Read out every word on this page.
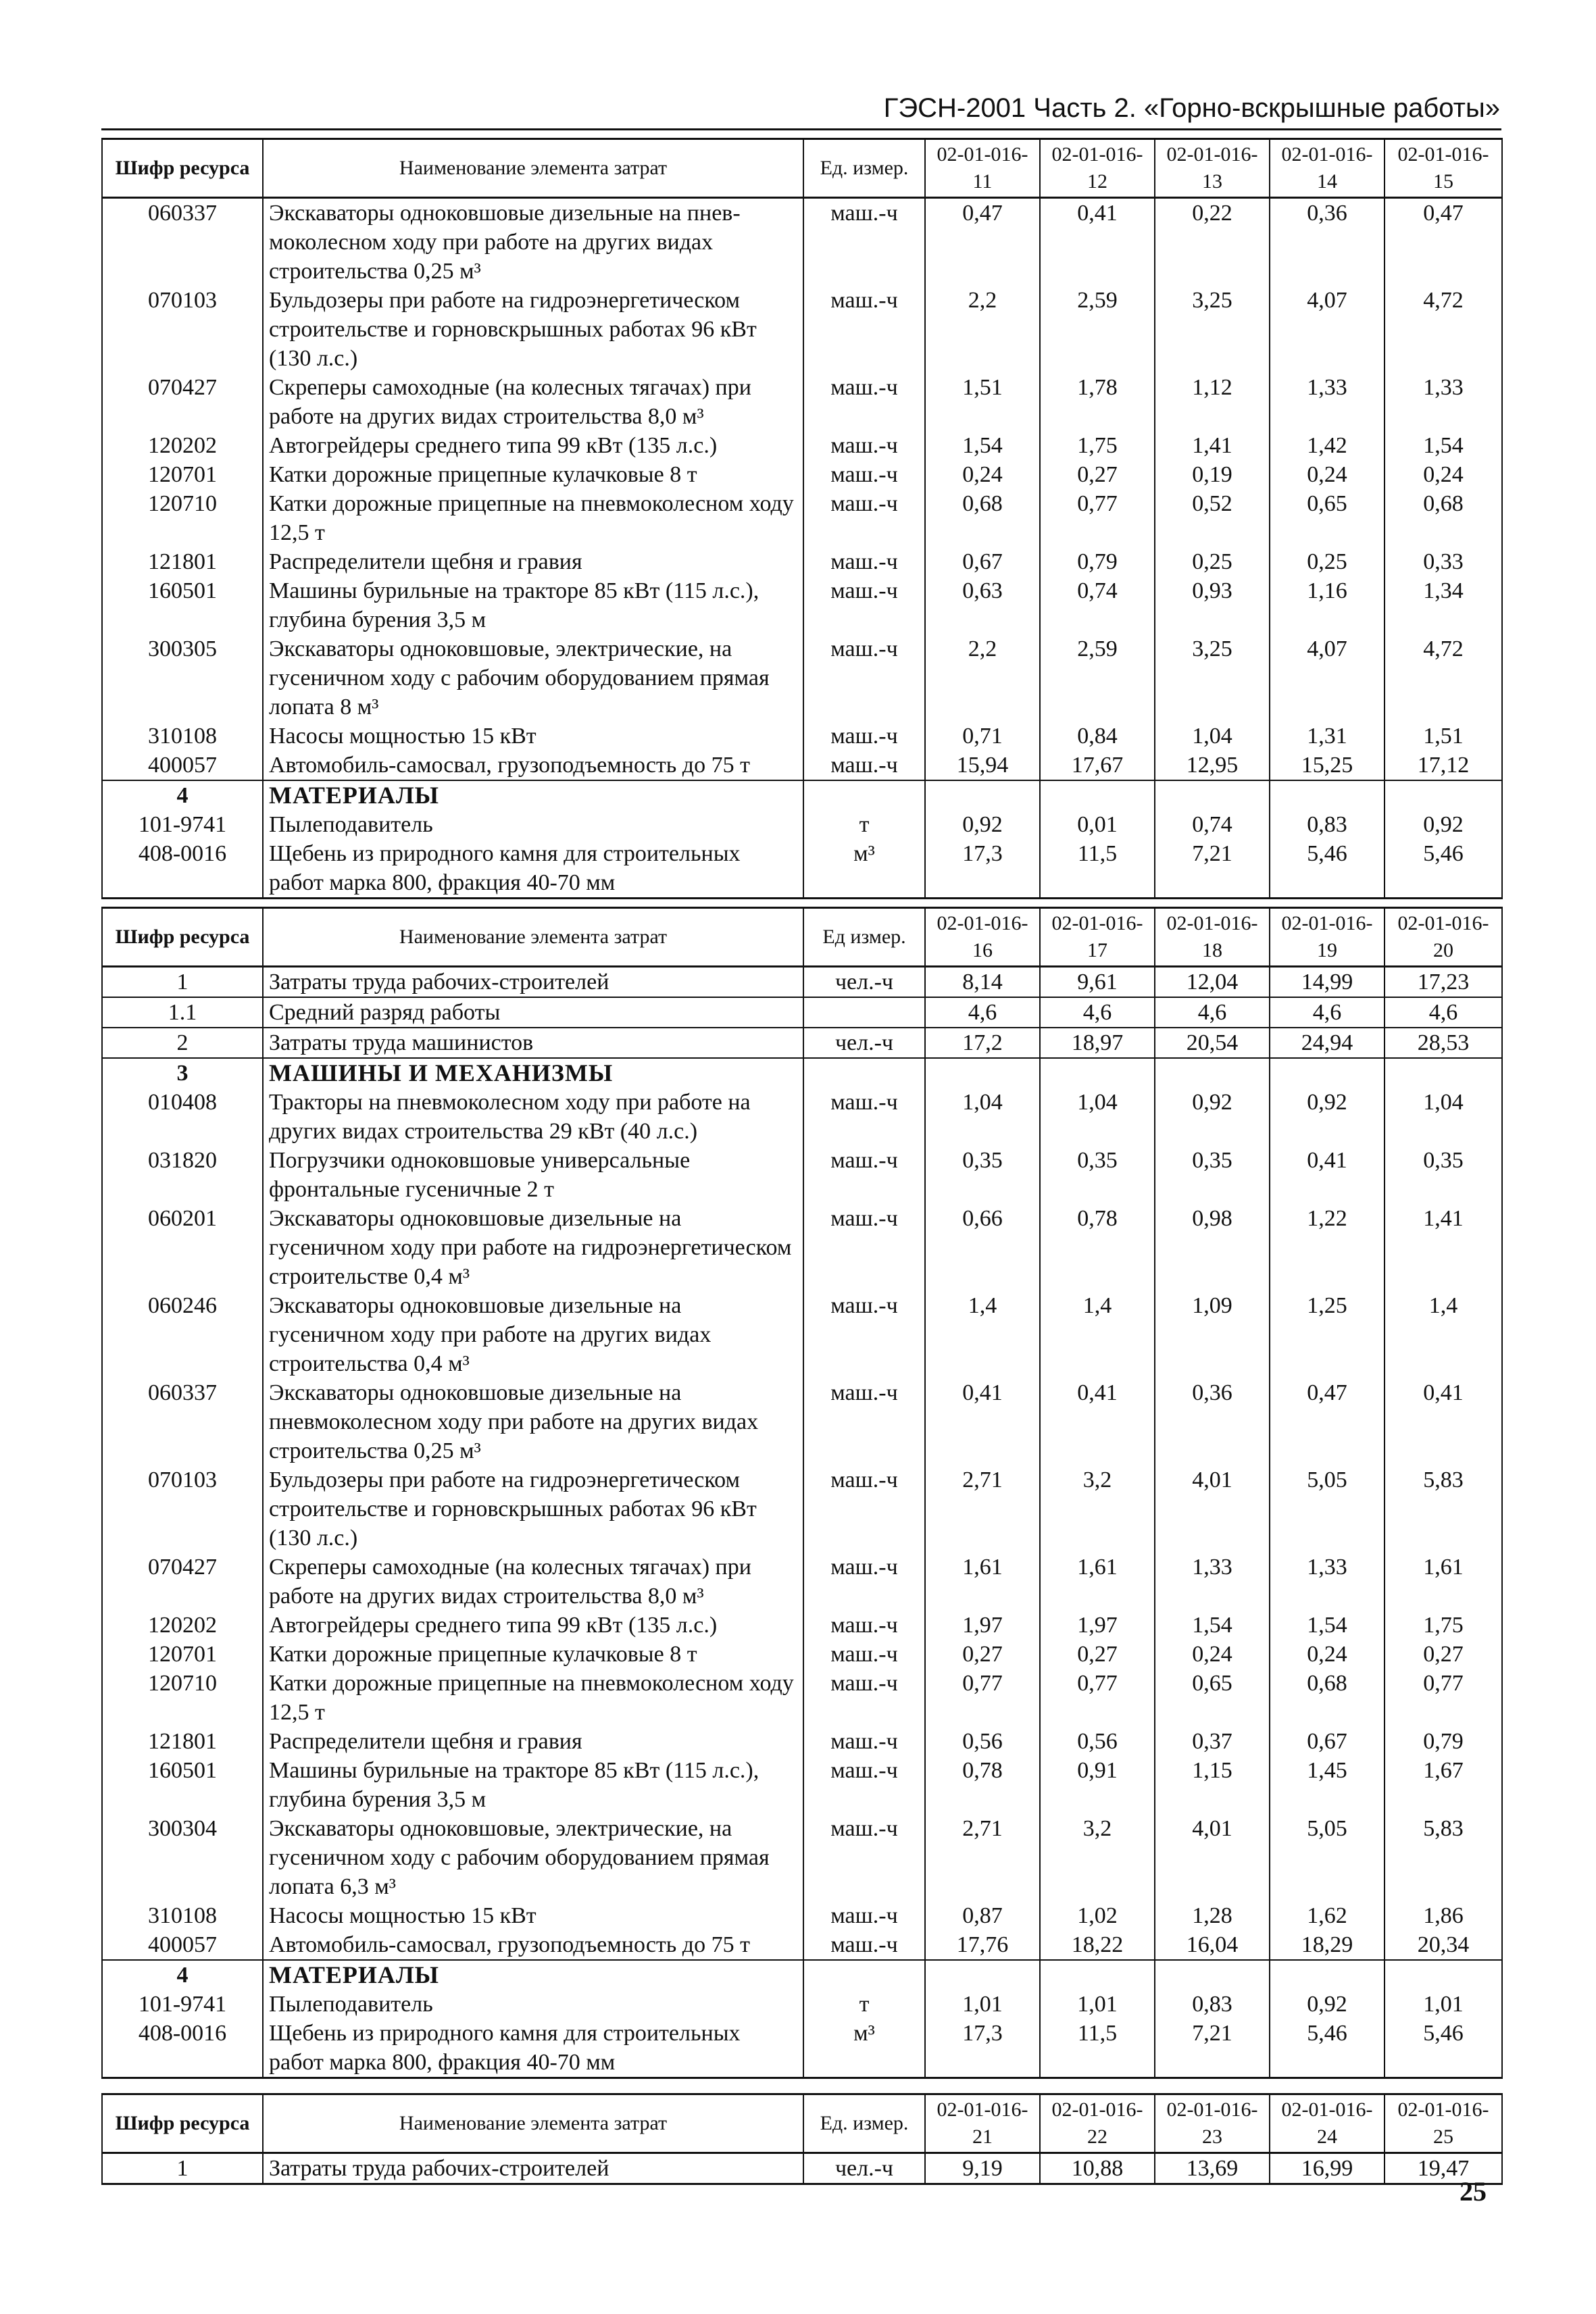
ГЭСН-2001 Часть 2. «Горно-вскрышные работы»
Шифр ресурса	Наименование элемента затрат	Ед. измер.	02-01-016-11	02-01-016-12	02-01-016-13	02-01-016-14	02-01-016-15
060337	Экскаваторы одноковшовые дизельные на пнев-моколесном ходу при работе на других видах строительства 0,25 м³	маш.-ч	0,47	0,41	0,22	0,36	0,47
070103	Бульдозеры при работе на гидроэнергетическом строительстве и горновскрышных работах 96 кВт (130 л.с.)	маш.-ч	2,2	2,59	3,25	4,07	4,72
070427	Скреперы самоходные (на колесных тягачах) при работе на других видах строительства 8,0 м³	маш.-ч	1,51	1,78	1,12	1,33	1,33
120202	Автогрейдеры среднего типа 99 кВт (135 л.с.)	маш.-ч	1,54	1,75	1,41	1,42	1,54
120701	Катки дорожные прицепные кулачковые 8 т	маш.-ч	0,24	0,27	0,19	0,24	0,24
120710	Катки дорожные прицепные на пневмоколесном ходу 12,5 т	маш.-ч	0,68	0,77	0,52	0,65	0,68
121801	Распределители щебня и гравия	маш.-ч	0,67	0,79	0,25	0,25	0,33
160501	Машины бурильные на тракторе 85 кВт (115 л.с.), глубина бурения 3,5 м	маш.-ч	0,63	0,74	0,93	1,16	1,34
300305	Экскаваторы одноковшовые, электрические, на гусеничном ходу с рабочим оборудованием прямая лопата 8 м³	маш.-ч	2,2	2,59	3,25	4,07	4,72
310108	Насосы мощностью 15 кВт	маш.-ч	0,71	0,84	1,04	1,31	1,51
400057	Автомобиль-самосвал, грузоподъемность до 75 т	маш.-ч	15,94	17,67	12,95	15,25	17,12
4	МАТЕРИАЛЫ						
101-9741	Пылеподавитель	т	0,92	0,01	0,74	0,83	0,92
408-0016	Щебень из природного камня для строительных работ марка 800, фракция 40-70 мм	м³	17,3	11,5	7,21	5,46	5,46
Шифр ресурса	Наименование элемента затрат	Ед измер.	02-01-016-16	02-01-016-17	02-01-016-18	02-01-016-19	02-01-016-20
1	Затраты труда рабочих-строителей	чел.-ч	8,14	9,61	12,04	14,99	17,23
1.1	Средний разряд работы		4,6	4,6	4,6	4,6	4,6
2	Затраты труда машинистов	чел.-ч	17,2	18,97	20,54	24,94	28,53
3	МАШИНЫ И МЕХАНИЗМЫ						
010408	Тракторы на пневмоколесном ходу при работе на других видах строительства 29 кВт (40 л.с.)	маш.-ч	1,04	1,04	0,92	0,92	1,04
031820	Погрузчики одноковшовые универсальные фронтальные гусеничные 2 т	маш.-ч	0,35	0,35	0,35	0,41	0,35
060201	Экскаваторы одноковшовые дизельные на гусеничном ходу при работе на гидроэнергетическом строительстве 0,4 м³	маш.-ч	0,66	0,78	0,98	1,22	1,41
060246	Экскаваторы одноковшовые дизельные на гусеничном ходу при работе на других видах строительства 0,4 м³	маш.-ч	1,4	1,4	1,09	1,25	1,4
060337	Экскаваторы одноковшовые дизельные на пневмоколесном ходу при работе на других видах строительства 0,25 м³	маш.-ч	0,41	0,41	0,36	0,47	0,41
070103	Бульдозеры при работе на гидроэнергетическом строительстве и горновскрышных работах 96 кВт (130 л.с.)	маш.-ч	2,71	3,2	4,01	5,05	5,83
070427	Скреперы самоходные (на колесных тягачах) при работе на других видах строительства 8,0 м³	маш.-ч	1,61	1,61	1,33	1,33	1,61
120202	Автогрейдеры среднего типа 99 кВт (135 л.с.)	маш.-ч	1,97	1,97	1,54	1,54	1,75
120701	Катки дорожные прицепные кулачковые 8 т	маш.-ч	0,27	0,27	0,24	0,24	0,27
120710	Катки дорожные прицепные на пневмоколесном ходу 12,5 т	маш.-ч	0,77	0,77	0,65	0,68	0,77
121801	Распределители щебня и гравия	маш.-ч	0,56	0,56	0,37	0,67	0,79
160501	Машины бурильные на тракторе 85 кВт (115 л.с.), глубина бурения 3,5 м	маш.-ч	0,78	0,91	1,15	1,45	1,67
300304	Экскаваторы одноковшовые, электрические, на гусеничном ходу с рабочим оборудованием прямая лопата 6,3 м³	маш.-ч	2,71	3,2	4,01	5,05	5,83
310108	Насосы мощностью 15 кВт	маш.-ч	0,87	1,02	1,28	1,62	1,86
400057	Автомобиль-самосвал, грузоподъемность до 75 т	маш.-ч	17,76	18,22	16,04	18,29	20,34
4	МАТЕРИАЛЫ						
101-9741	Пылеподавитель	т	1,01	1,01	0,83	0,92	1,01
408-0016	Щебень из природного камня для строительных работ марка 800, фракция 40-70 мм	м³	17,3	11,5	7,21	5,46	5,46
Шифр ресурса	Наименование элемента затрат	Ед. измер.	02-01-016-21	02-01-016-22	02-01-016-23	02-01-016-24	02-01-016-25
1	Затраты труда рабочих-строителей	чел.-ч	9,19	10,88	13,69	16,99	19,47
25
